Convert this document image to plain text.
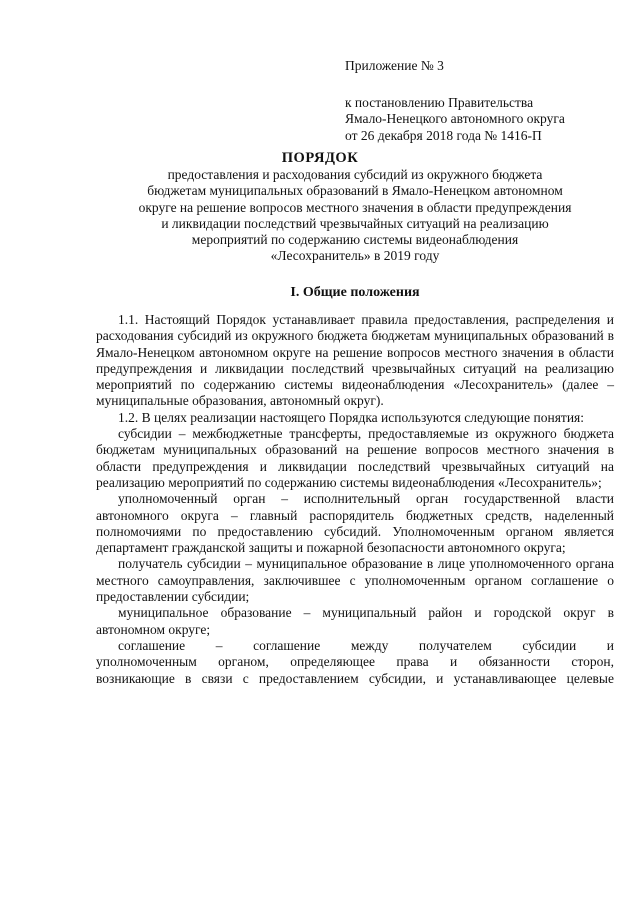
Приложение № 3
к постановлению Правительства
Ямало-Ненецкого автономного округа
от 26 декабря 2018 года № 1416-П
ПОРЯДОК
предоставления и расходования субсидий из окружного бюджета
бюджетам муниципальных образований в Ямало-Ненецком автономном
округе на решение вопросов местного значения в области предупреждения
и ликвидации последствий чрезвычайных ситуаций на реализацию
мероприятий по содержанию системы видеонаблюдения
«Лесохранитель» в 2019 году
I. Общие положения

1.1. Настоящий Порядок устанавливает правила предоставления, распределения и расходования субсидий из окружного бюджета бюджетам муниципальных образований в Ямало-Ненецком автономном округе на решение вопросов местного значения в области предупреждения и ликвидации последствий чрезвычайных ситуаций на реализацию мероприятий по содержанию системы видеонаблюдения «Лесохранитель» (далее – муниципальные образования, автономный округ).

1.2. В целях реализации настоящего Порядка используются следующие понятия:

субсидии – межбюджетные трансферты, предоставляемые из окружного бюджета бюджетам муниципальных образований на решение вопросов местного значения в области предупреждения и ликвидации последствий чрезвычайных ситуаций на реализацию мероприятий по содержанию системы видеонаблюдения «Лесохранитель»;

уполномоченный орган – исполнительный орган государственной власти автономного округа – главный распорядитель бюджетных средств, наделенный полномочиями по предоставлению субсидий. Уполномоченным органом является департамент гражданской защиты и пожарной безопасности автономного округа;

получатель субсидии – муниципальное образование в лице уполномоченного органа местного самоуправления, заключившее с уполномоченным органом соглашение о предоставлении субсидии;

муниципальное образование – муниципальный район и городской округ в автономном округе;

соглашение – соглашение между получателем субсидии и
уполномоченным органом, определяющее права и обязанности сторон,
возникающие в связи с предоставлением субсидии, и устанавливающее целевые
